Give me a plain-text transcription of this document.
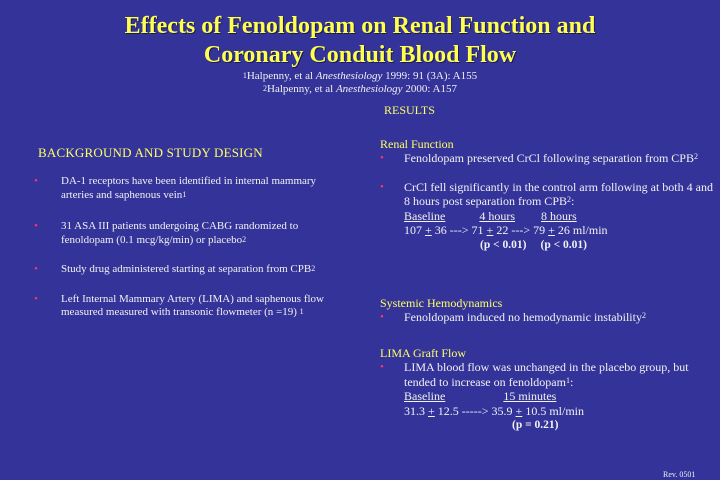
Effects of Fenoldopam on Renal Function and
Coronary Conduit Blood Flow
$^1$Halpenny, et al Anesthesiology 1999: 91 (3A): A155
$^2$Halpenny, et al Anesthesiology 2000: A157
RESULTS
BACKGROUND AND STUDY DESIGN
• DA-1 receptors have been identified in internal mammary arteries and saphenous vein$^1$
• 31 ASA III patients undergoing CABG randomized to fenoldopam (0.1 mcg/kg/min) or placebo$^2$
• Study drug administered starting at separation from CPB$^2$
• Left Internal Mammary Artery (LIMA) and saphenous flow measured measured with transonic flowmeter (n =19) $^1$
Renal Function
• Fenoldopam preserved CrCl following separation from CPB$^2$
• CrCl fell significantly in the control arm following at both 4 and 8 hours post separation from CPB$^2$:
Baseline	4 hours 8 hours
107 + 36 ---> 71 + 22 ---> 79 + 26 ml/min
(p < 0.01) (p < 0.01)
Systemic Hemodynamics
• Fenoldopam induced no hemodynamic instability$^2$
LIMA Graft Flow
• LIMA blood flow was unchanged in the placebo group, but tended to increase on fenoldopam$^1$:
Baseline	15 minutes
31.3 + 12.5 -----> 35.9 + 10.5 ml/min
(p = 0.21)
Rev. 0501
